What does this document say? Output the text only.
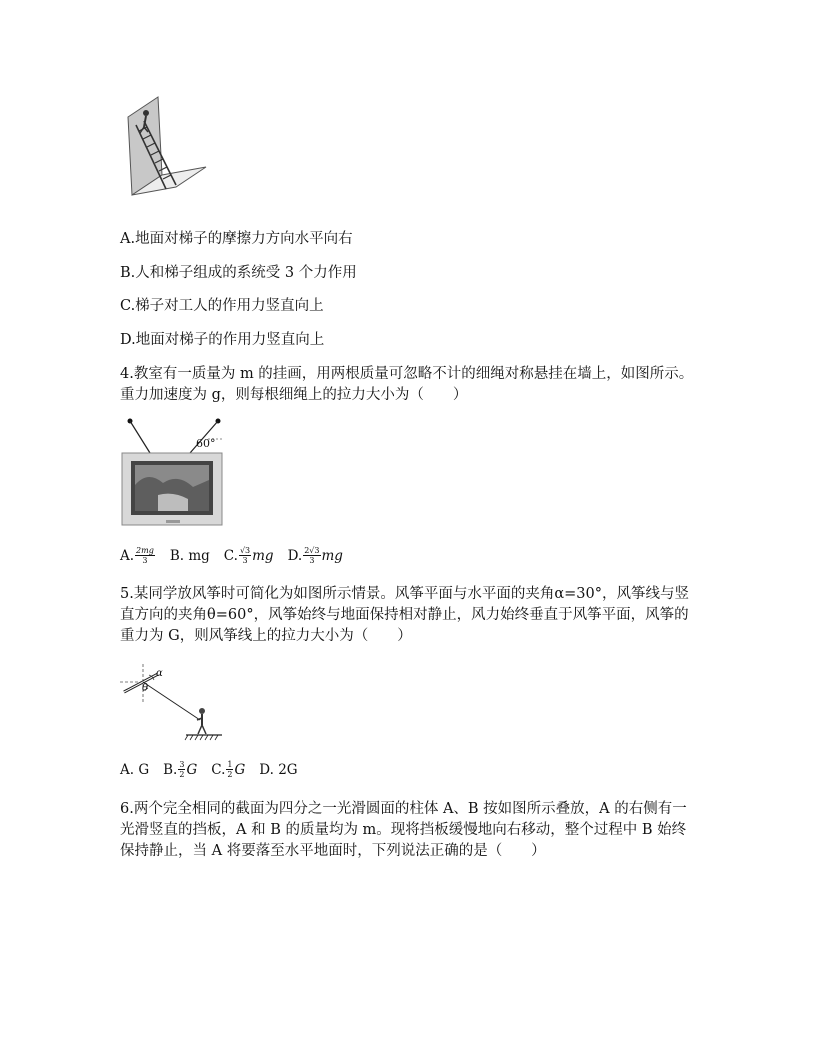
A.地面对梯子的摩擦力方向水平向右
B.人和梯子组成的系统受 3 个力作用
C.梯子对工人的作用力竖直向上
D.地面对梯子的作用力竖直向上
4.教室有一质量为 m 的挂画，用两根质量可忽略不计的细绳对称悬挂在墙上，如图所示。重力加速度为 g，则每根细绳上的拉力大小为（　　）
60°
A. $\frac{2mg}{3} B$. mg C. $\frac{√3}{3}$ mg D. $\frac{2√3}{3}$ mg
5.某同学放风筝时可简化为如图所示情景。风筝平面与水平面的夹角α=30°，风筝线与竖直方向的夹角θ=60°，风筝始终与地面保持相对静止，风力始终垂直于风筝平面，风筝的重力为 G，则风筝线上的拉力大小为（　　）
α
θ
A. G B. $\frac{3}{2}$ G C. $\frac{1}{2}$ G D. 2G
6.两个完全相同的截面为四分之一光滑圆面的柱体 A、B 按如图所示叠放，A 的右侧有一光滑竖直的挡板，A 和 B 的质量均为 m。现将挡板缓慢地向右移动，整个过程中 B 始终保持静止，当 A 将要落至水平地面时，下列说法正确的是（　　）
